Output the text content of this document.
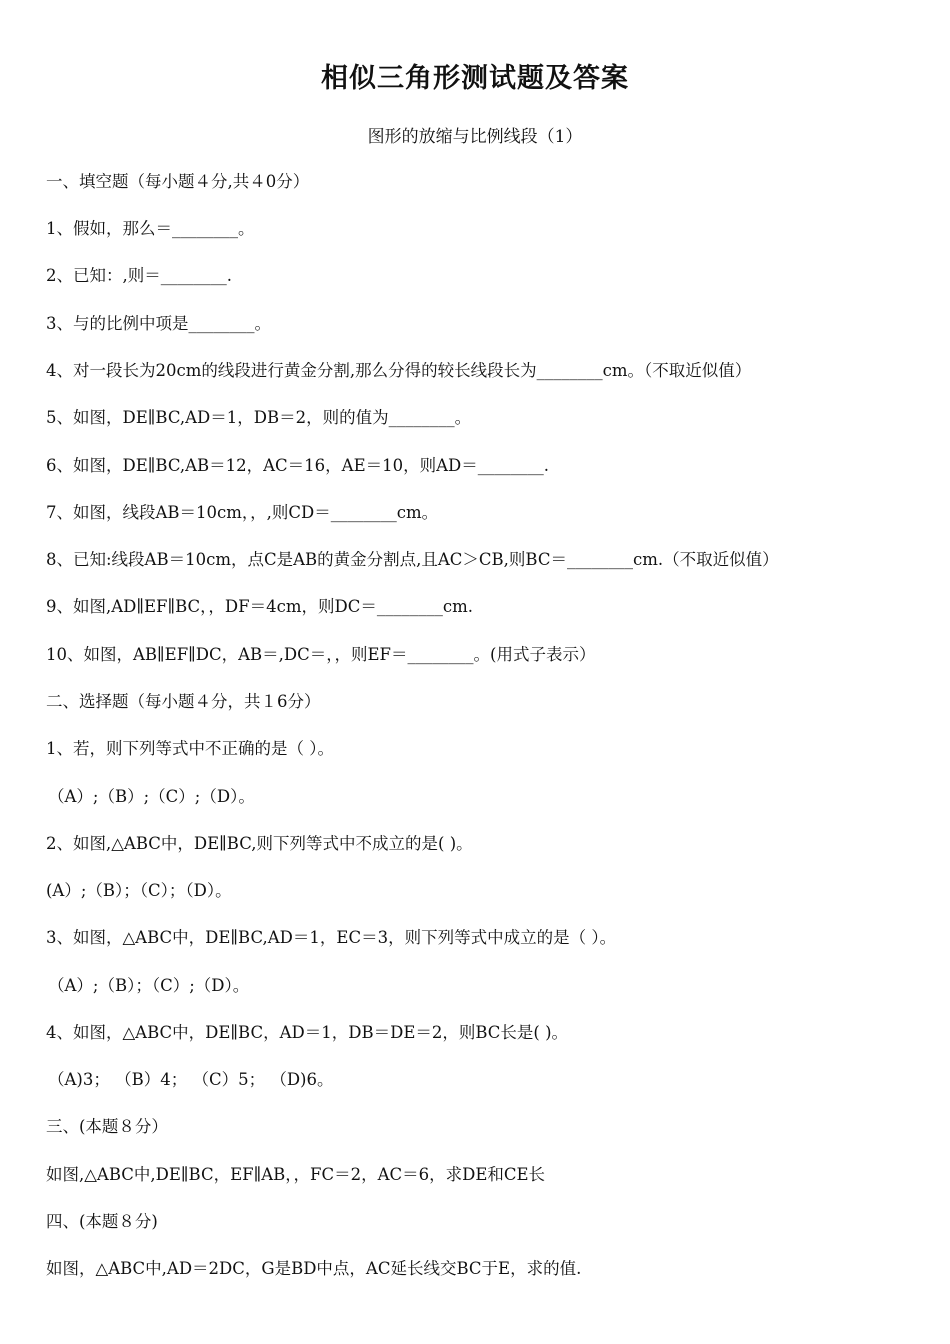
相似三角形测试题及答案
图形的放缩与比例线段（1）
一、填空题（每小题４分,共４0分）
1、假如，那么＝________。
2、已知：,则＝________.
3、与的比例中项是________。
4、对一段长为20cm的线段进行黄金分割,那么分得的较长线段长为________cm。（不取近似值）
5、如图，DE∥BC,AD＝1，DB＝2，则的值为________。
6、如图，DE∥BC,AB＝12，AC＝16，AE＝10，则AD＝________.
7、如图，线段AB＝10cm，，,则CD＝________cm。
8、已知:线段AB＝10cm，点C是AB的黄金分割点,且AC＞CB,则BC＝________cm.（不取近似值）
9、如图,AD∥EF∥BC，，DF＝4cm，则DC＝________cm.
10、如图，AB∥EF∥DC，AB＝,DC＝，，则EF＝________。(用式子表示）
二、选择题（每小题４分，共１6分）
1、若，则下列等式中不正确的是（ ）。
（A）;（B）;（C）;（D）。
2、如图,△ABC中，DE∥BC,则下列等式中不成立的是( )。
(A）;（B）；（C）；（D）。
3、如图，△ABC中，DE∥BC,AD＝1，EC＝3，则下列等式中成立的是（ ）。
（A）;（B）；（C）;（D）。
4、如图，△ABC中，DE∥BC，AD＝1，DB＝DE＝2，则BC长是( )。
（A)3； （B）4； （C）5； （D)6。
三、(本题８分）
如图,△ABC中,DE∥BC，EF∥AB，，FC＝2，AC＝6，求DE和CE长
四、(本题８分)
如图，△ABC中,AD＝2DC，G是BD中点，AC延长线交BC于E，求的值.
